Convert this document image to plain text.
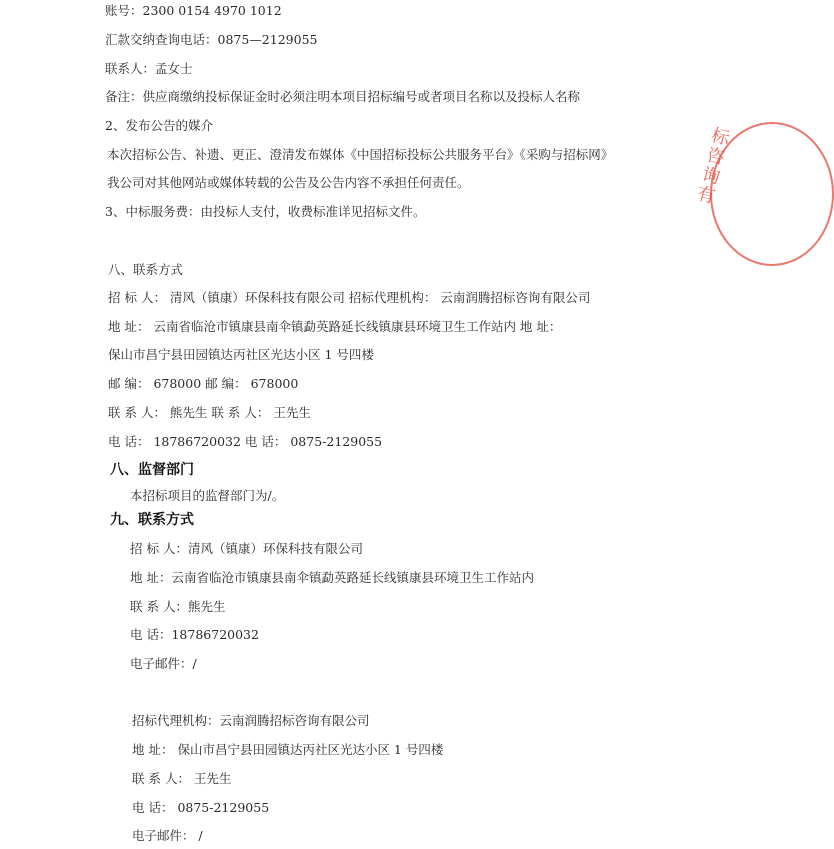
账号：2300 0154 4970 1012
汇款交纳查询电话：0875—2129055
联系人：孟女士
备注：供应商缴纳投标保证金时必须注明本项目招标编号或者项目名称以及投标人名称
2、发布公告的媒介
本次招标公告、补遗、更正、澄清发布媒体《中国招标投标公共服务平台》《采购与招标网》
我公司对其他网站或媒体转载的公告及公告内容不承担任何责任。
3、中标服务费：由投标人支付，收费标准详见招标文件。
八、联系方式
招 标 人： 清风（镇康）环保科技有限公司 招标代理机构： 云南润腾招标咨询有限公司
地 址： 云南省临沧市镇康县南伞镇勐英路延长线镇康县环境卫生工作站内 地 址：
保山市昌宁县田园镇达丙社区光达小区 1 号四楼
邮 编： 678000 邮 编： 678000
联 系 人： 熊先生 联 系 人： 王先生
电 话： 18786720032 电 话： 0875-2129055
八、监督部门
本招标项目的监督部门为/。
九、联系方式
招 标 人：清风（镇康）环保科技有限公司
地 址：云南省临沧市镇康县南伞镇勐英路延长线镇康县环境卫生工作站内
联 系 人：熊先生
电 话：18786720032
电子邮件：/
招标代理机构：云南润腾招标咨询有限公司
地 址： 保山市昌宁县田园镇达丙社区光达小区 1 号四楼
联 系 人： 王先生
电 话： 0875-2129055
电子邮件： /
标咨询有
